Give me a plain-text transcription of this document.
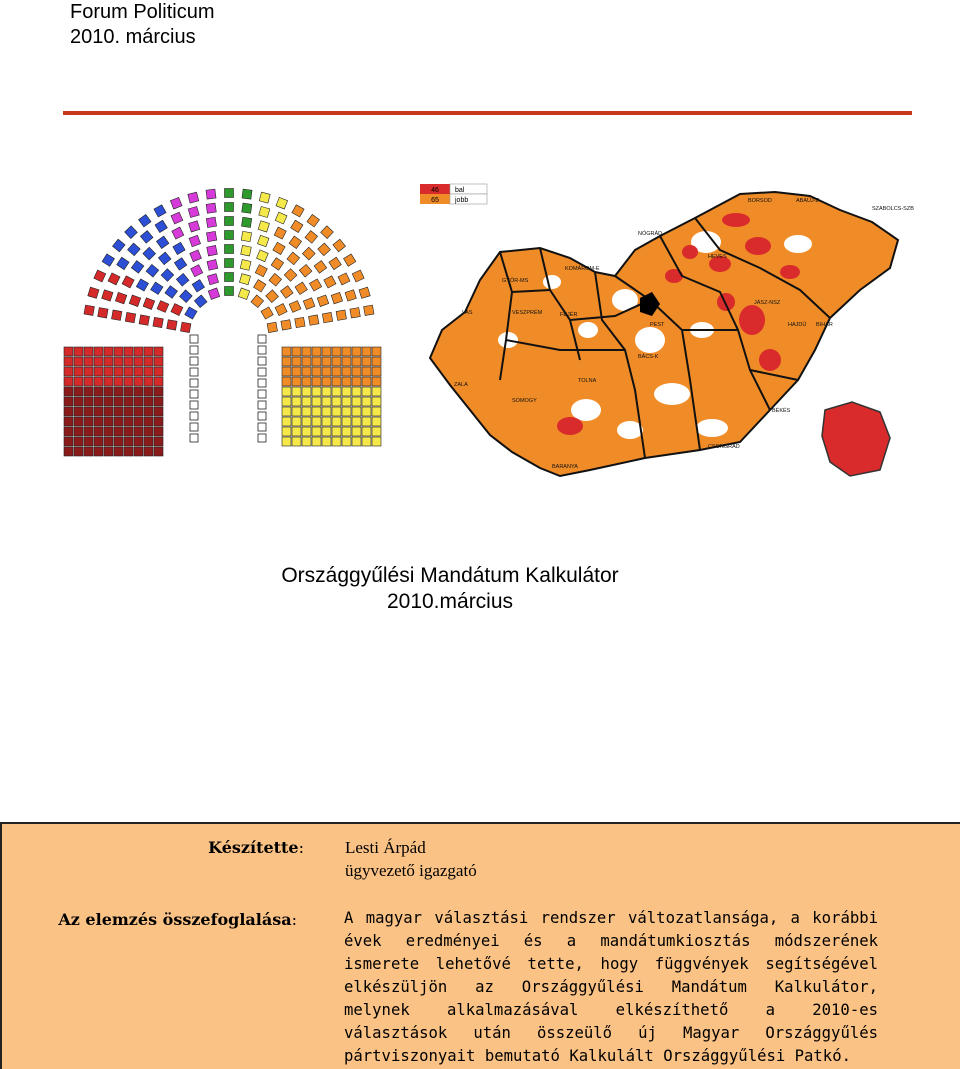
Forum Politicum
2010. március
46
65
bal
jobb	BORSOD	ABAÚJ-Z
SZABOLCS-SZB
NÓGRÁD
HEVES
KOMÁROM-E
GYŐR-MS
VAS	VESZPRÉM	FEJÉR
PEST
JÁSZ-NSZ
HAJDÚ BIHAR
BÁCS-K
ZALA
SOMOGY
TOLNA
BÉKÉS
CSONGRÁD
BARANYA
Országgyűlési Mandátum Kalkulátor
2010.március
Készítette: Lesti Árpád
ügyvezető igazgató
Az elemzés összefoglalása:	A magyar választási rendszer változatlansága, a korábbi évek eredményei és a mandátumkiosztás módszerének ismerete lehetővé tette, hogy függvények segítségével elkészüljön az Országgyűlési Mandátum Kalkulátor, melynek alkalmazásával elkészíthető a 2010-es választások után összeülő új Magyar Országgyűlés pártviszonyait bemutató Kalkulált Országgyűlési Patkó.
